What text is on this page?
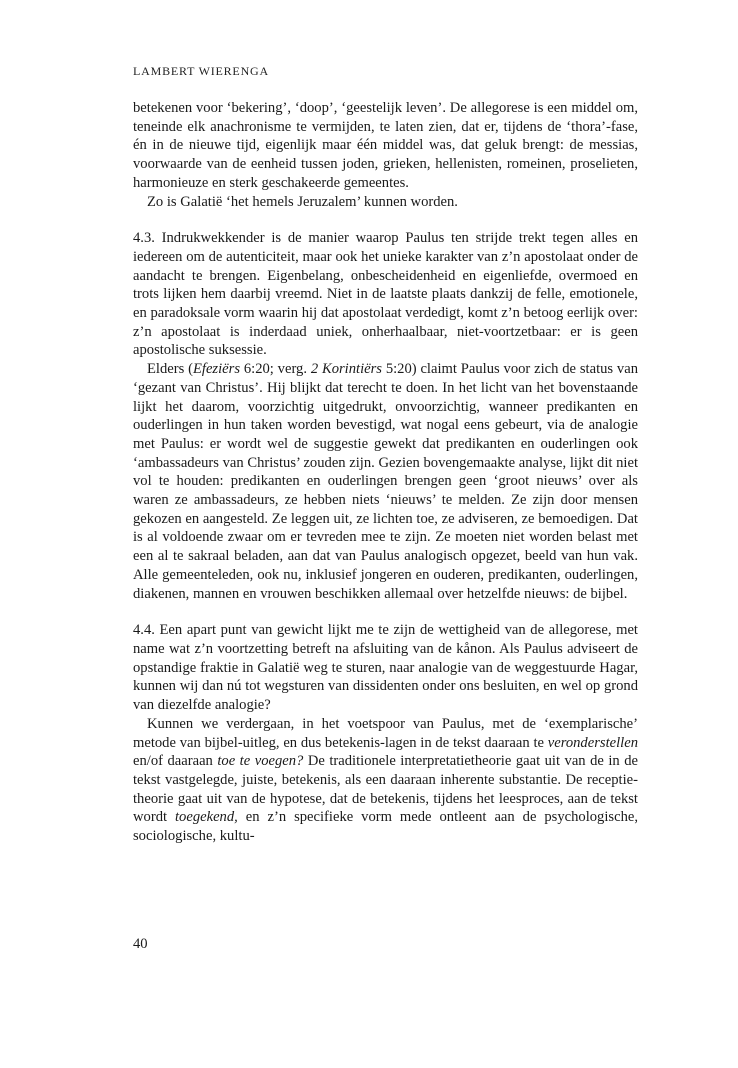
LAMBERT WIERENGA

betekenen voor ‘bekering’, ‘doop’, ‘geestelijk leven’. De allegorese is een middel om, teneinde elk anachronisme te vermijden, te laten zien, dat er, tijdens de ‘thora’-fase, én in de nieuwe tijd, eigenlijk maar één middel was, dat geluk brengt: de messias, voorwaarde van de eenheid tussen joden, grieken, hellenisten, romeinen, proselieten, harmonieuze en sterk geschakeerde gemeentes.

Zo is Galatië ‘het hemels Jeruzalem’ kunnen worden.

4.3. Indrukwekkender is de manier waarop Paulus ten strijde trekt tegen alles en iedereen om de autenticiteit, maar ook het unieke karakter van z’n apostolaat onder de aandacht te brengen. Eigenbelang, onbescheidenheid en eigenliefde, overmoed en trots lijken hem daarbij vreemd. Niet in de laatste plaats dankzij de felle, emotionele, en paradoksale vorm waarin hij dat apostolaat verdedigt, komt z’n betoog eerlijk over: z’n apostolaat is inderdaad uniek, onherhaalbaar, niet-voortzetbaar: er is geen apostolische suksessie.

Elders (Efeziërs 6:20; verg. 2 Korintiërs 5:20) claimt Paulus voor zich de status van ‘gezant van Christus’. Hij blijkt dat terecht te doen. In het licht van het bovenstaande lijkt het daarom, voorzichtig uitgedrukt, onvoorzichtig, wanneer predikanten en ouderlingen in hun taken worden bevestigd, wat nogal eens gebeurt, via de analogie met Paulus: er wordt wel de suggestie gewekt dat predikanten en ouderlingen ook ‘ambassadeurs van Christus’ zouden zijn. Gezien bovengemaakte analyse, lijkt dit niet vol te houden: predikanten en ouderlingen brengen geen ‘groot nieuws’ over als waren ze ambassadeurs, ze hebben niets ‘nieuws’ te melden. Ze zijn door mensen gekozen en aangesteld. Ze leggen uit, ze lichten toe, ze adviseren, ze bemoedigen. Dat is al voldoende zwaar om er tevreden mee te zijn. Ze moeten niet worden belast met een al te sakraal beladen, aan dat van Paulus analogisch opgezet, beeld van hun vak. Alle gemeenteleden, ook nu, inklusief jongeren en ouderen, predikanten, ouderlingen, diakenen, mannen en vrouwen beschikken allemaal over hetzelfde nieuws: de bijbel.

4.4. Een apart punt van gewicht lijkt me te zijn de wettigheid van de allegorese, met name wat z’n voortzetting betreft na afsluiting van de kånon. Als Paulus adviseert de opstandige fraktie in Galatië weg te sturen, naar analogie van de weggestuurde Hagar, kunnen wij dan nú tot wegsturen van dissidenten onder ons besluiten, en wel op grond van diezelfde analogie?

Kunnen we verdergaan, in het voetspoor van Paulus, met de ‘exemplarische’ metode van bijbel-uitleg, en dus betekenis-lagen in de tekst daaraan te veronderstellen en/of daaraan toe te voegen? De traditionele interpretatietheorie gaat uit van de in de tekst vastgelegde, juiste, betekenis, als een daaraan inherente substantie. De receptie-theorie gaat uit van de hypotese, dat de betekenis, tijdens het leesproces, aan de tekst wordt toegekend, en z’n specifieke vorm mede ontleent aan de psychologische, sociologische, kultu-

40
